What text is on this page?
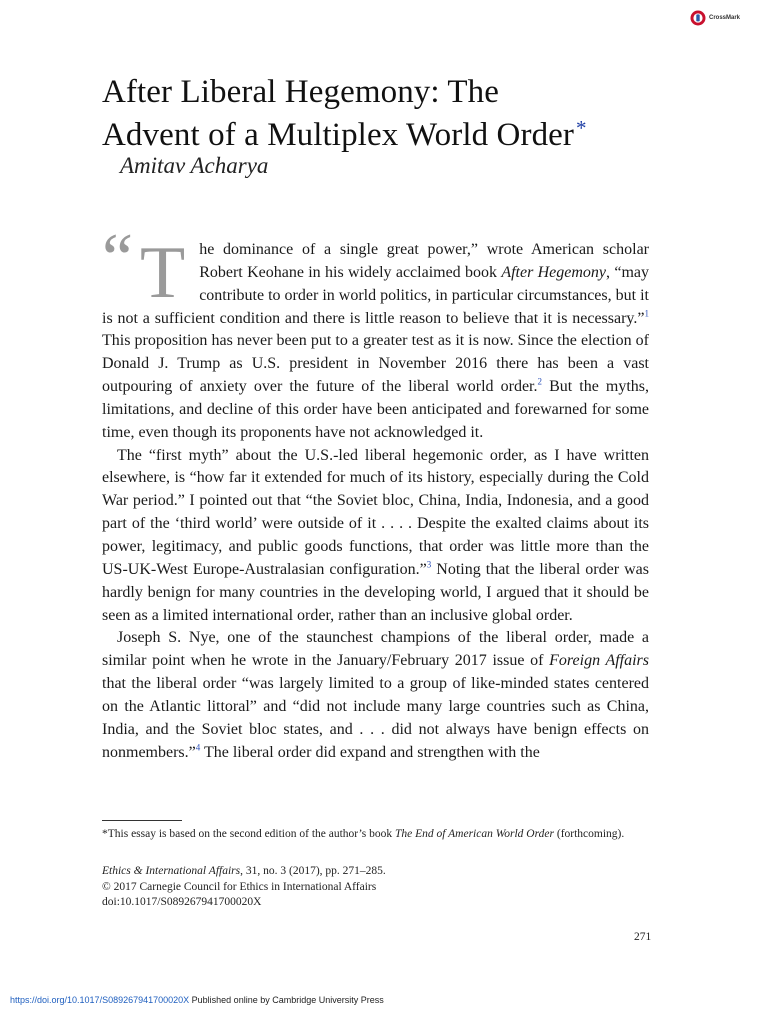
CrossMark
After Liberal Hegemony: The
Advent of a Multiplex World Order*
Amitav Acharya
“ T he dominance of a single great power,” wrote American scholar Robert Keohane in his widely acclaimed book After Hegemony, “may contribute to order in world politics, in particular circumstances, but it is not a sufficient condition and there is little reason to believe that it is necessary.”$^1$ This proposition has never been put to a greater test as it is now. Since the election of Donald J. Trump as U.S. president in November 2016 there has been a vast outpouring of anxiety over the future of the liberal world order.$^2$ But the myths, limitations, and decline of this order have been anticipated and forewarned for some time, even though its proponents have not acknowledged it.

The “first myth” about the U.S.-led liberal hegemonic order, as I have written elsewhere, is “how far it extended for much of its history, especially during the Cold War period.” I pointed out that “the Soviet bloc, China, India, Indonesia, and a good part of the ‘third world’ were outside of it . . . . Despite the exalted claims about its power, legitimacy, and public goods functions, that order was little more than the US-UK-West Europe-Australasian configuration.”$^3$ Noting that the liberal order was hardly benign for many countries in the developing world, I argued that it should be seen as a limited international order, rather than an inclusive global order.

Joseph S. Nye, one of the staunchest champions of the liberal order, made a similar point when he wrote in the January/February 2017 issue of Foreign Affairs that the liberal order “was largely limited to a group of like-minded states centered on the Atlantic littoral” and “did not include many large countries such as China, India, and the Soviet bloc states, and . . . did not always have benign effects on nonmembers.”$^4$ The liberal order did expand and strengthen with the

*This essay is based on the second edition of the author’s book The End of American World Order (forthcoming).
Ethics & International Affairs, 31, no. 3 (2017), pp. 271–285.
© 2017 Carnegie Council for Ethics in International Affairs
doi:10.1017/S089267941700020X
271
https://doi.org/10.1017/S089267941700020X Published online by Cambridge University Press
